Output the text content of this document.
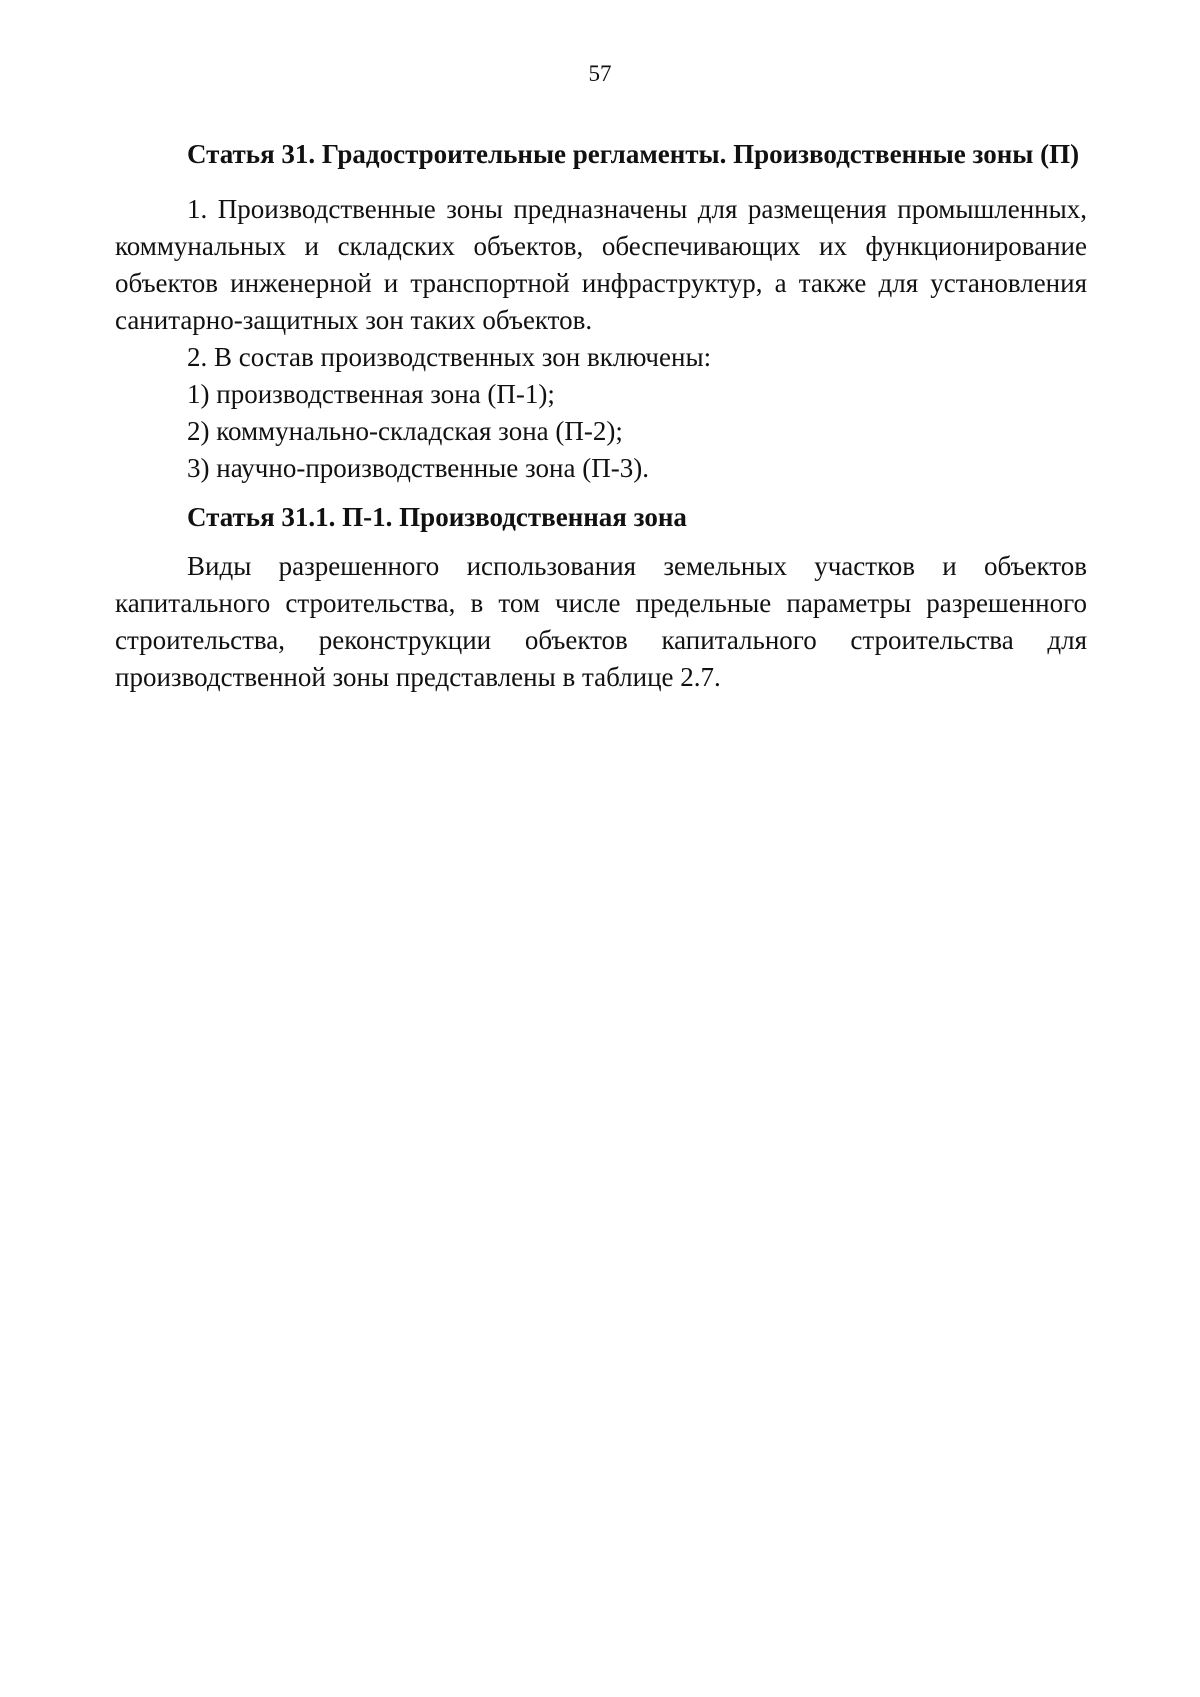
57
Статья 31. Градостроительные регламенты. Производственные зоны (П)

1. Производственные зоны предназначены для размещения промышленных, коммунальных и складских объектов, обеспечивающих их функционирование объектов инженерной и транспортной инфраструктур, а также для установления санитарно-защитных зон таких объектов.

2. В состав производственных зон включены:

1) производственная зона (П-1);

2) коммунально-складская зона (П-2);

3) научно-производственные зона (П-3).

Статья 31.1. П-1. Производственная зона

Виды разрешенного использования земельных участков и объектов капитального строительства, в том числе предельные параметры разрешенного строительства, реконструкции объектов капитального строительства для производственной зоны представлены в таблице 2.7.
